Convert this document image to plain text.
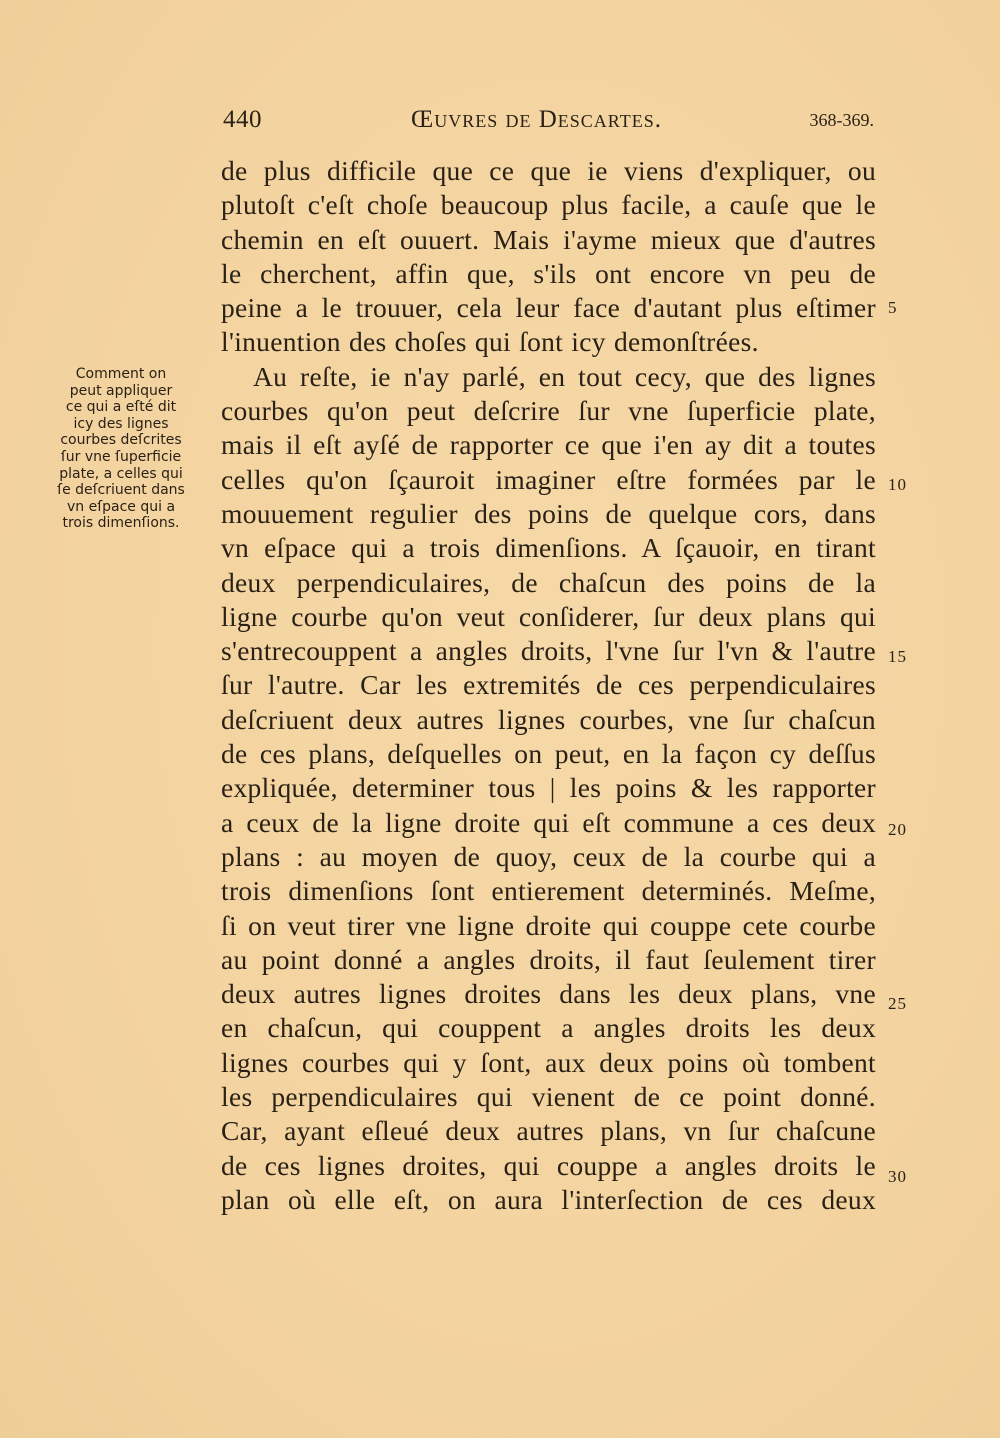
440	Œuvres de Descartes.	368-369.
Comment on
peut appliquer
ce qui a eſté dit
icy des lignes
courbes deſcrites
ſur vne ſuperficie
plate, a celles qui
ſe deſcriuent dans
vn eſpace qui a
trois dimenſions.
de plus difficile que ce que ie viens d'expliquer, ou
plutoſt c'eſt choſe beaucoup plus facile, a cauſe que le
chemin en eſt ouuert. Mais i'ayme mieux que d'autres
le cherchent, affin que, s'ils ont encore vn peu de
peine a le trouuer, cela leur face d'autant plus eſtimer
l'inuention des choſes qui ſont icy demonſtrées.
Au reſte, ie n'ay parlé, en tout cecy, que des lignes
courbes qu'on peut deſcrire ſur vne ſuperficie plate,
mais il eſt ayſé de rapporter ce que i'en ay dit a toutes
celles qu'on ſçauroit imaginer eſtre formées par le
mouuement regulier des poins de quelque cors, dans
vn eſpace qui a trois dimenſions. A ſçauoir, en tirant
deux perpendiculaires, de chaſcun des poins de la
ligne courbe qu'on veut conſiderer, ſur deux plans qui
s'entrecouppent a angles droits, l'vne ſur l'vn & l'autre
ſur l'autre. Car les extremités de ces perpendiculaires
deſcriuent deux autres lignes courbes, vne ſur chaſcun
de ces plans, deſquelles on peut, en la façon cy deſſus
expliquée, determiner tous | les poins & les rapporter
a ceux de la ligne droite qui eſt commune a ces deux
plans : au moyen de quoy, ceux de la courbe qui a
trois dimenſions ſont entierement determinés. Meſme,
ſi on veut tirer vne ligne droite qui couppe cete courbe
au point donné a angles droits, il faut ſeulement tirer
deux autres lignes droites dans les deux plans, vne
en chaſcun, qui couppent a angles droits les deux
lignes courbes qui y ſont, aux deux poins où tombent
les perpendiculaires qui vienent de ce point donné.
Car, ayant eſleué deux autres plans, vn ſur chaſcune
de ces lignes droites, qui couppe a angles droits le
plan où elle eſt, on aura l'interſection de ces deux
5
10
15
20
25
30
